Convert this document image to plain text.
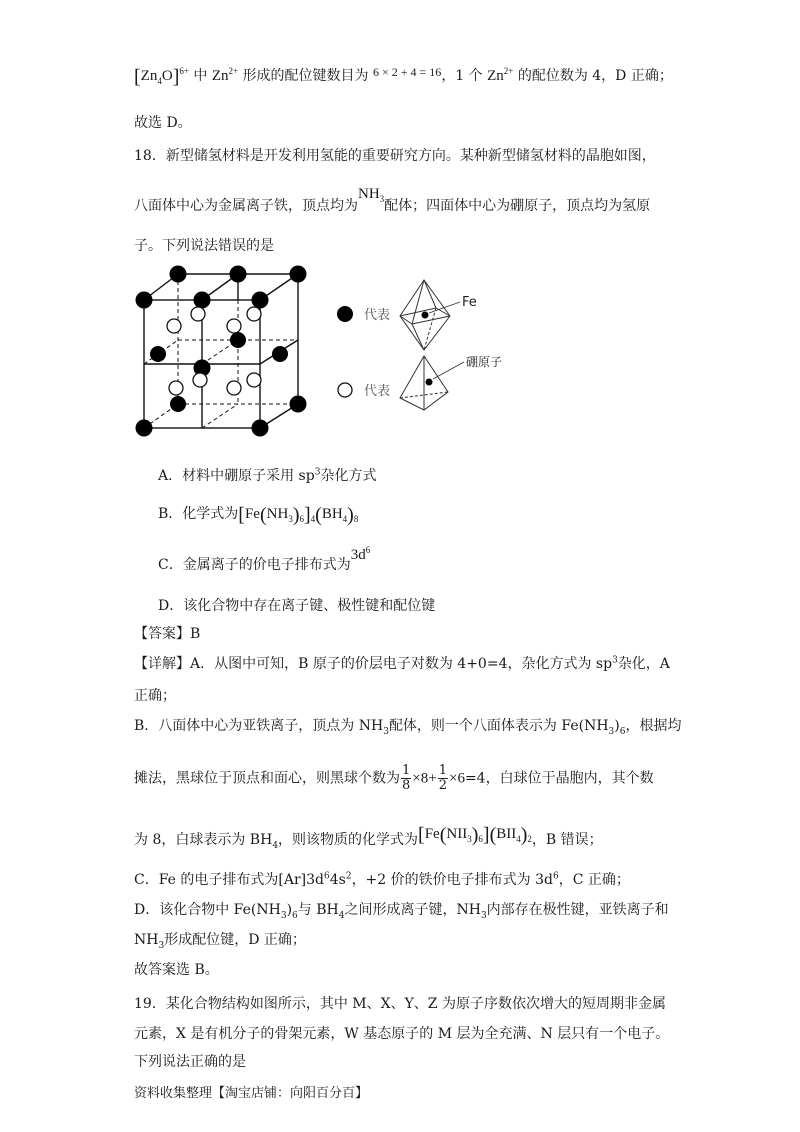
$[Zn_4O]^{6+}$ 中 $Zn^{2+}$ 形成的配位键数目为 6 × 2 + 4 = 16，1 个 $Zn^{2+}$ 的配位数为 4，D 正确；
故选 D。
18．新型储氢材料是开发利用氢能的重要研究方向。某种新型储氢材料的晶胞如图，
八面体中心为金属离子铁，顶点均为$NH_3$配体；四面体中心为硼原子，顶点均为氢原
子。下列说法错误的是
代表
代表
Fe
硼原子
A．材料中硼原子采用 $sp^3$杂化方式
B．化学式为$[Fe(NH_3)_6]_4(BH_4)_8$
C．金属离子的价电子排布式为$3d^6$
D．该化合物中存在离子键、极性键和配位键
【答案】B
【详解】A．从图中可知，B 原子的价层电子对数为 4+0=4，杂化方式为 $sp^3$杂化，A
正确；
B．八面体中心为亚铁离子，顶点为 $NH_3$配体，则一个八面体表示为 $Fe(NH_3)_6$，根据均
摊法，黑球位于顶点和面心，则黑球个数为 $\frac{1}{8} \times 8+ \frac{1}{2} \times 6=4$，白球位于晶胞内，其个数
为 8，白球表示为 $BH_4$，则该物质的化学式为$[Fe(NII_3)_6](BII_4)_2$，B 错误；
C．Fe 的电子排布式为$[Ar]3d^64s^2$，+2 价的铁价电子排布式为 $3d^6$，C 正确；
D．该化合物中 $Fe(NH_3)_6$与 $BH_4$之间形成离子键，$NH_3$内部存在极性键，亚铁离子和
$NH_3$形成配位键，D 正确；
故答案选 B。
19．某化合物结构如图所示，其中 M、X、Y、Z 为原子序数依次增大的短周期非金属
元素，X 是有机分子的骨架元素，W 基态原子的 M 层为全充满、N 层只有一个电子。
下列说法正确的是
资料收集整理【淘宝店铺：向阳百分百】
